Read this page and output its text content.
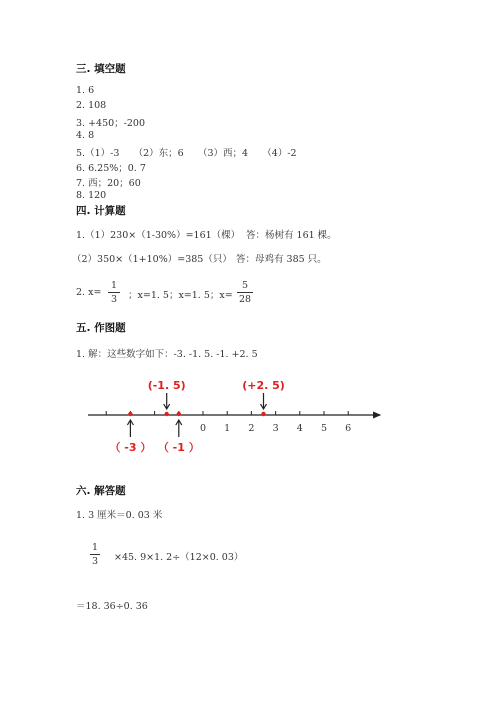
三. 填空题
1. 6
2. 108
3. +450；-200
4. 8
5.（1）-3　　（2）东；6　　（3）西；4　　（4）-2
6. 6.25%；0. 7
7. 西；20；60
8. 120
四. 计算题
1.（1）230×（1-30%）=161（棵） 答：杨树有 161 棵。
（2）350×（1+10%）=385（只） 答：母鸡有 385 只。
2. x=
1
3	；x=1. 5；x=1. 5；x=
5
28
五. 作图题
1. 解：这些数字如下：-3. -1. 5. -1. +2. 5
0 1 2 3 4 5 6
（ -3 ）
(-1. 5)
（ -1 ）
(+2. 5)
六. 解答题
1. 3 厘米＝0. 03 米
1
3 ×45. 9×1. 2÷（12×0. 03）
＝18. 36÷0. 36
